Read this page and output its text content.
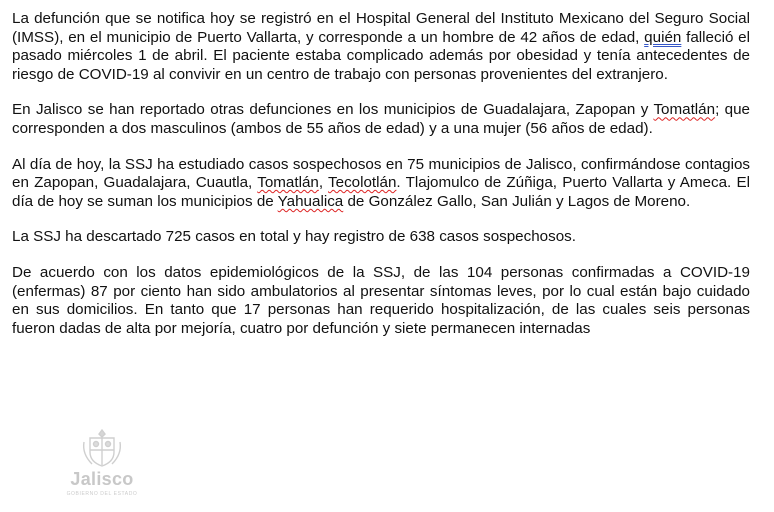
La defunción que se notifica hoy se registró en el Hospital General del Instituto Mexicano del Seguro Social (IMSS), en el municipio de Puerto Vallarta, y corresponde a un hombre de 42 años de edad, quién falleció el pasado miércoles 1 de abril. El paciente estaba complicado además por obesidad y tenía antecedentes de riesgo de COVID-19 al convivir en un centro de trabajo con personas provenientes del extranjero.

En Jalisco se han reportado otras defunciones en los municipios de Guadalajara, Zapopan y Tomatlán; que corresponden a dos masculinos (ambos de 55 años de edad) y a una mujer (56 años de edad).

Al día de hoy, la SSJ ha estudiado casos sospechosos en 75 municipios de Jalisco, confirmándose contagios en Zapopan, Guadalajara, Cuautla, Tomatlán, Tecolotlán. Tlajomulco de Zúñiga, Puerto Vallarta y Ameca. El día de hoy se suman los municipios de Yahualica de González Gallo, San Julián y Lagos de Moreno.

La SSJ ha descartado 725 casos en total y hay registro de 638 casos sospechosos.

De acuerdo con los datos epidemiológicos de la SSJ, de las 104 personas confirmadas a COVID-19 (enfermas) 87 por ciento han sido ambulatorios al presentar síntomas leves, por lo cual están bajo cuidado en sus domicilios. En tanto que 17 personas han requerido hospitalización, de las cuales seis personas fueron dadas de alta por mejoría, cuatro por defunción y siete permanecen internadas

Jalisco
GOBIERNO DEL ESTADO
